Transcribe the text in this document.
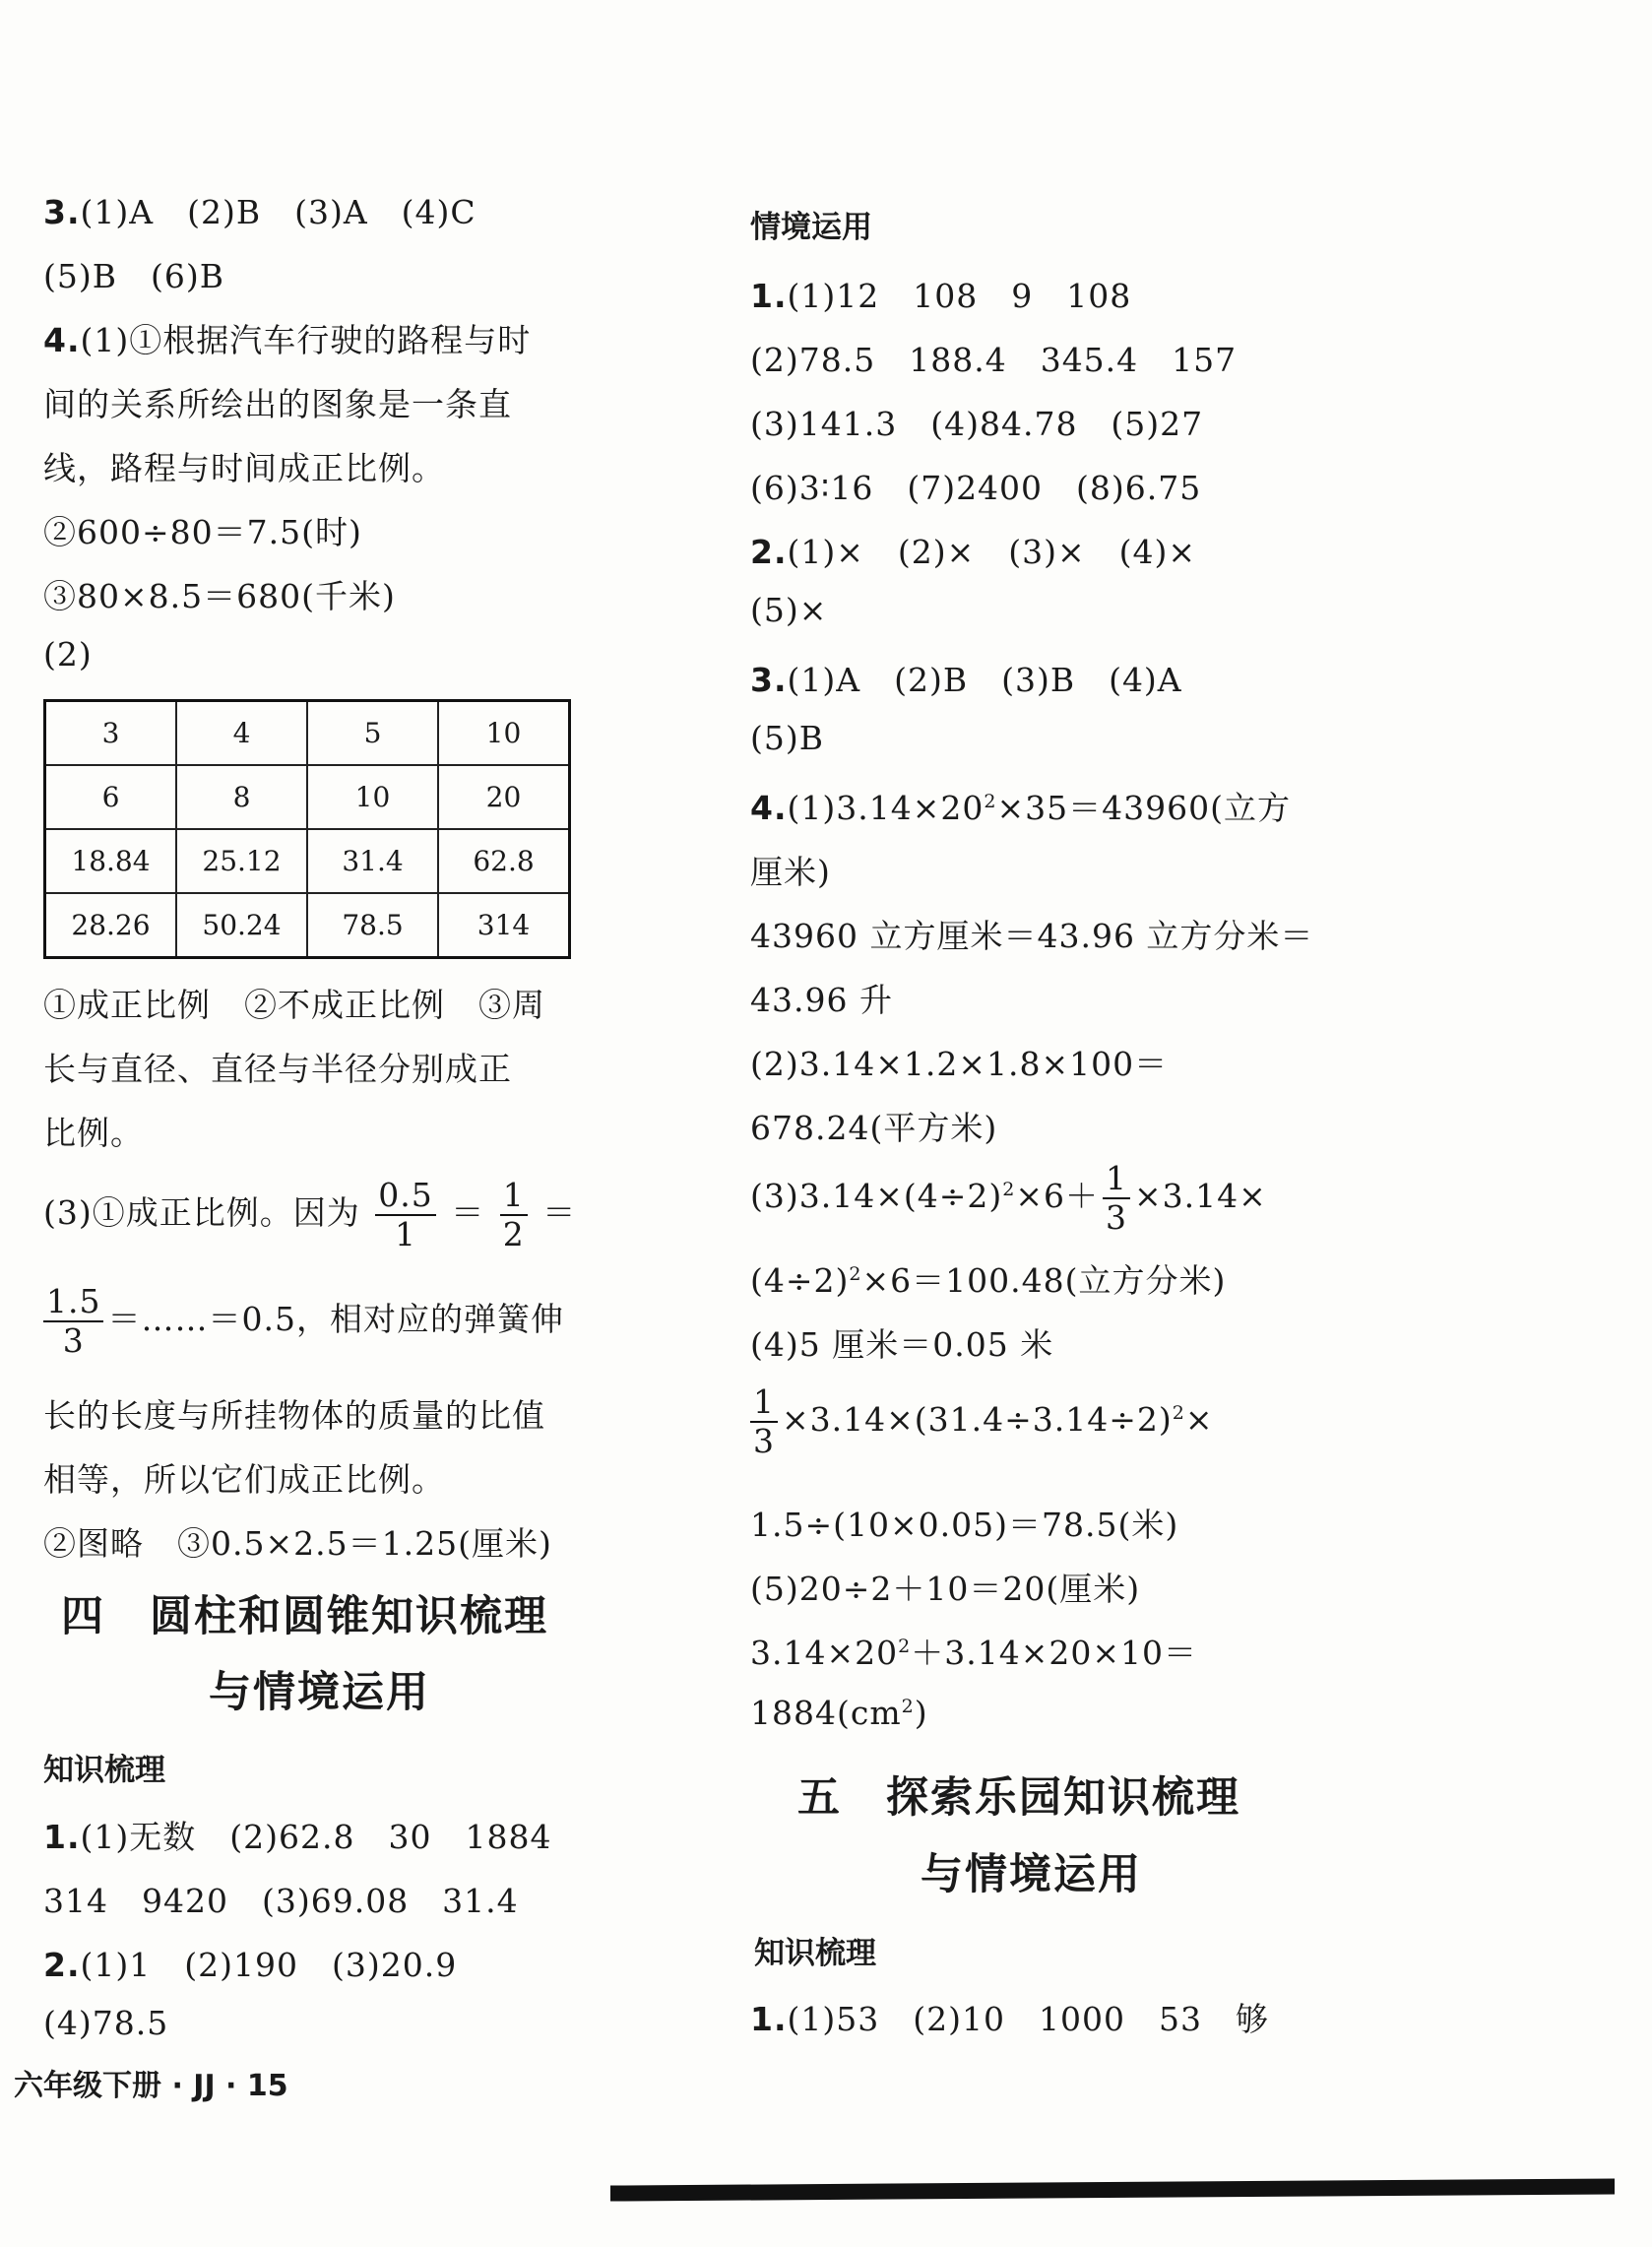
3.(1)A　(2)B　(3)A　(4)C
(5)B　(6)B
4.(1)①根据汽车行驶的路程与时
间的关系所绘出的图象是一条直
线，路程与时间成正比例。
②600÷80＝7.5(时)
③80×8.5＝680(千米)
(2)
3	4	5	10
6	8	10	20
18.84	25.12	31.4	62.8
28.26	50.24	78.5	314
①成正比例　②不成正比例　③周
长与直径、直径与半径分别成正
比例。
(3)①成正比例。因为 $\frac{0.5}{1} = \frac{1}{2}$ ＝
$\frac{1.5}{3}$ ＝……＝0.5，相对应的弹簧伸
长的长度与所挂物体的质量的比值
相等，所以它们成正比例。
②图略　③0.5×2.5＝1.25(厘米)
四　圆柱和圆锥知识梳理
与情境运用
知识梳理
1.(1)无数　(2)62.8　30　1884
314　9420　(3)69.08　31.4
2.(1)1　(2)190　(3)20.9
(4)78.5
情境运用
1.(1)12　108　9　108
(2)78.5　188.4　345.4　157
(3)141.3　(4)84.78　(5)27
(6)3∶16　(7)2400　(8)6.75
2.(1)×　(2)×　(3)×　(4)×
(5)×
3.(1)A　(2)B　(3)B　(4)A
(5)B
$4.(1)3.14\times 20^2\times 35=43960$(立方
厘米)
43960 立方厘米＝43.96 立方分米＝
43.96 升
(2)3.14×1.2×1.8×100＝
678.24(平方米)
$(3)3.14\times(4\div 2)^2\times 6+ \frac{1}{3} \times 3.14\times$
$(4\div 2)^2\times 6=100.48$(立方分米)
(4)5 厘米＝0.05 米
$\frac{1}{3} \times 3.14\times(31.4\div 3.14\div 2)^2\times$
1.5÷(10×0.05)＝78.5(米)
(5)20÷2＋10＝20(厘米)
$3.14\times 20^2+3.14\times 20\times 10=$
$1884(cm^2)$
五　探索乐园知识梳理
与情境运用
知识梳理
1.(1)53　(2)10　1000　53　够
六年级下册 · JJ · 15
